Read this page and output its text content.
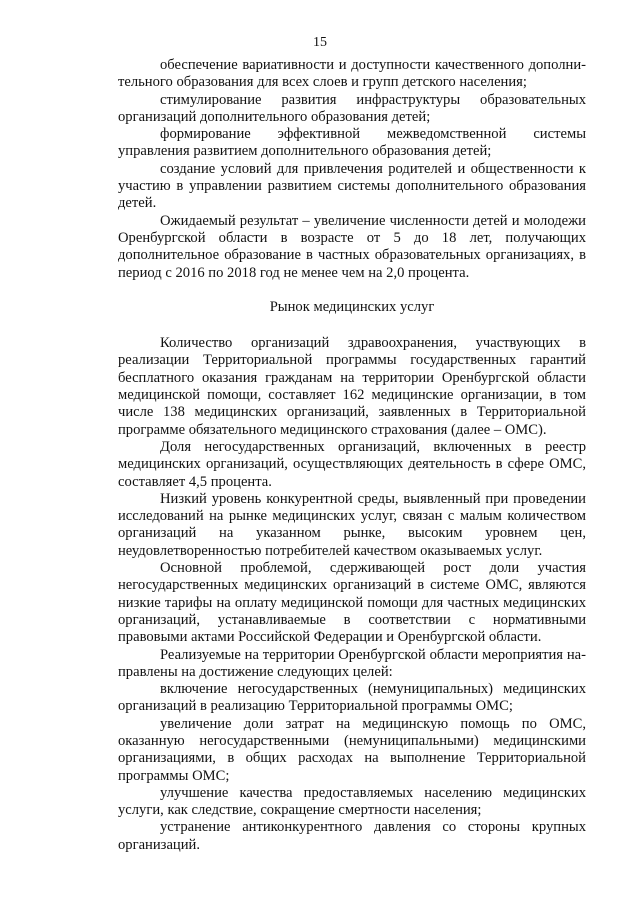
15

обеспечение вариативности и доступности качественного дополнительного образования для всех слоев и групп детского населения;

стимулирование развития инфраструктуры образовательных организаций дополнительного образования детей;

формирование эффективной межведомственной системы управления развитием дополнительного образования детей;

создание условий для привлечения родителей и общественности к участию в управлении развитием системы дополнительного образования детей.

Ожидаемый результат – увеличение численности детей и молодежи Оренбургской области в возрасте от 5 до 18 лет, получающих дополнительное образование в частных образовательных организациях, в период с 2016 по 2018 год не менее чем на 2,0 процента.

Рынок медицинских услуг

Количество организаций здравоохранения, участвующих в реализации Территориальной программы государственных гарантий бесплатного оказания гражданам на территории Оренбургской области медицинской помощи, составляет 162 медицинские организации, в том числе 138 медицинских организаций, заявленных в Территориальной программе обязательного медицинского страхования (далее – ОМС).

Доля негосударственных организаций, включенных в реестр медицинских организаций, осуществляющих деятельность в сфере ОМС, составляет 4,5 процента.

Низкий уровень конкурентной среды, выявленный при проведении исследований на рынке медицинских услуг, связан с малым количеством организаций на указанном рынке, высоким уровнем цен, неудовлетворенностью потребителей качеством оказываемых услуг.

Основной проблемой, сдерживающей рост доли участия негосударственных медицинских организаций в системе ОМС, являются низкие тарифы на оплату медицинской помощи для частных медицинских организаций, устанавливаемые в соответствии с нормативными правовыми актами Российской Федерации и Оренбургской области.

Реализуемые на территории Оренбургской области мероприятия направлены на достижение следующих целей:

включение негосударственных (немуниципальных) медицинских организаций в реализацию Территориальной программы ОМС;

увеличение доли затрат на медицинскую помощь по ОМС, оказанную негосударственными (немуниципальными) медицинскими организациями, в общих расходах на выполнение Территориальной программы ОМС;

улучшение качества предоставляемых населению медицинских услуги, как следствие, сокращение смертности населения;

устранение антиконкурентного давления со стороны крупных организаций.
